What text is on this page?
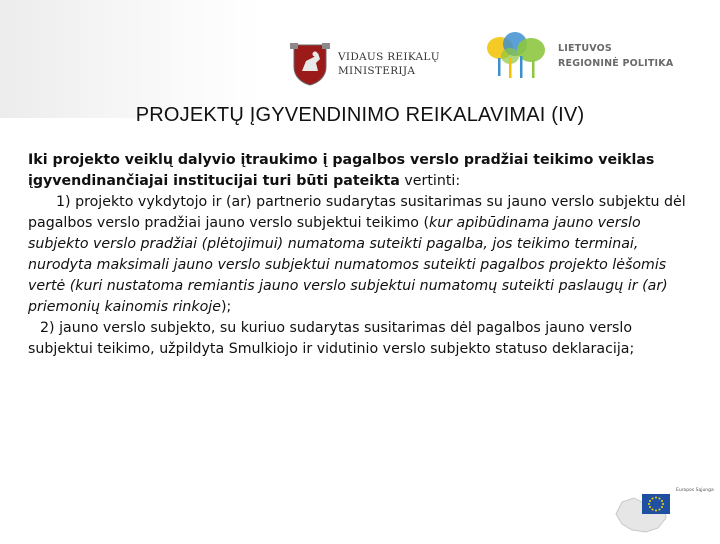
VIDAUS REIKALŲ
MINISTERIJA
LIETUVOS
REGIONINĖ POLITIKA
PROJEKTŲ ĮGYVENDINIMO REIKALAVIMAI (IV)

Iki projekto veiklų dalyvio įtraukimo į pagalbos verslo pradžiai teikimo veiklas įgyvendinančiajai institucijai turi būti pateikta vertinti:

1) projekto vykdytojo ir (ar) partnerio sudarytas susitarimas su jauno verslo subjektu dėl pagalbos verslo pradžiai jauno verslo subjektui teikimo (kur apibūdinama jauno verslo subjekto verslo pradžiai (plėtojimui) numatoma suteikti pagalba, jos teikimo terminai, nurodyta maksimali jauno verslo subjektui numatomos suteikti pagalbos projekto lėšomis vertė (kuri nustatoma remiantis jauno verslo subjektui numatomų suteikti paslaugų ir (ar) priemonių kainomis rinkoje);

2) jauno verslo subjekto, su kuriuo sudarytas susitarimas dėl pagalbos jauno verslo subjektui teikimo, užpildyta Smulkiojo ir vidutinio verslo subjekto statuso deklaracija;

Europos Sąjunga
